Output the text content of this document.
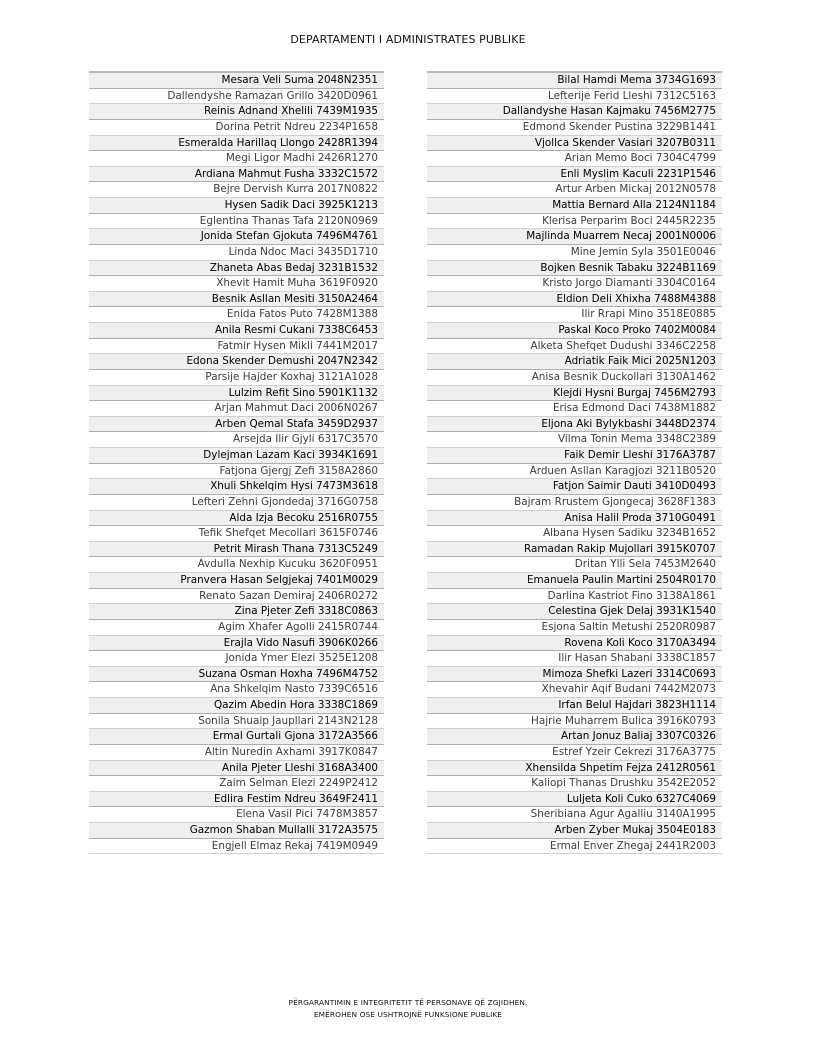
DEPARTAMENTI I ADMINISTRATES PUBLIKE
Mesara Veli Suma 2048N2351
Dallendyshe Ramazan Grillo 3420D0961
Reinis Adnand Xhelili 7439M1935
Dorina Petrit Ndreu 2234P1658
Esmeralda Harillaq Llongo 2428R1394
Megi Ligor Madhi 2426R1270
Ardiana Mahmut Fusha 3332C1572
Bejre Dervish Kurra 2017N0822
Hysen Sadik Daci 3925K1213
Eglentina Thanas Tafa 2120N0969
Jonida Stefan Gjokuta 7496M4761
Linda Ndoc Maci 3435D1710
Zhaneta Abas Bedaj 3231B1532
Xhevit Hamit Muha 3619F0920
Besnik Asllan Mesiti 3150A2464
Enida Fatos Puto 7428M1388
Anila Resmi Cukani 7338C6453
Fatmir Hysen Mikli 7441M2017
Edona Skender Demushi 2047N2342
Parsije Hajder Koxhaj 3121A1028
Lulzim Refit Sino 5901K1132
Arjan Mahmut Daci 2006N0267
Arben Qemal Stafa 3459D2937
Arsejda Ilir Gjyli 6317C3570
Dylejman Lazam Kaci 3934K1691
Fatjona Gjergj Zefi 3158A2860
Xhuli Shkelqim Hysi 7473M3618
Lefteri Zehni Gjondedaj 3716G0758
Alda Izja Becoku 2516R0755
Tefik Shefqet Mecollari 3615F0746
Petrit Mirash Thana 7313C5249
Avdulla Nexhip Kucuku 3620F0951
Pranvera Hasan Selgjekaj 7401M0029
Renato Sazan Demiraj 2406R0272
Zina Pjeter Zefi 3318C0863
Agim Xhafer Agolli 2415R0744
Erajla Vido Nasufi 3906K0266
Jonida Ymer Elezi 3525E1208
Suzana Osman Hoxha 7496M4752
Ana Shkelqim Nasto 7339C6516
Qazim Abedin Hora 3338C1869
Sonila Shuaip Jaupllari 2143N2128
Ermal Gurtali Gjona 3172A3566
Altin Nuredin Axhami 3917K0847
Anila Pjeter Lleshi 3168A3400
Zaim Selman Elezi 2249P2412
Edlira Festim Ndreu 3649F2411
Elena Vasil Pici 7478M3857
Gazmon Shaban Mullalli 3172A3575
Engjell Elmaz Rekaj 7419M0949
Bilal Hamdi Mema 3734G1693
Lefterije Ferid Lleshi 7312C5163
Dallandyshe Hasan Kajmaku 7456M2775
Edmond Skender Pustina 3229B1441
Vjollca Skender Vasiari 3207B0311
Arian Memo Boci 7304C4799
Enli Myslim Kaculi 2231P1546
Artur Arben Mickaj 2012N0578
Mattia Bernard Alla 2124N1184
Klerisa Perparim Boci 2445R2235
Majlinda Muarrem Necaj 2001N0006
Mine Jemin Syla 3501E0046
Bojken Besnik Tabaku 3224B1169
Kristo Jorgo Diamanti 3304C0164
Eldion Deli Xhixha 7488M4388
Ilir Rrapi Mino 3518E0885
Paskal Koco Proko 7402M0084
Alketa Shefqet Dudushi 3346C2258
Adriatik Faik Mici 2025N1203
Anisa Besnik Duckollari 3130A1462
Klejdi Hysni Burgaj 7456M2793
Erisa Edmond Daci 7438M1882
Eljona Aki Bylykbashi 3448D2374
Vilma Tonin Mema 3348C2389
Faik Demir Lleshi 3176A3787
Arduen Asllan Karagjozi 3211B0520
Fatjon Saimir Dauti 3410D0493
Bajram Rrustem Gjongecaj 3628F1383
Anisa Halil Proda 3710G0491
Albana Hysen Sadiku 3234B1652
Ramadan Rakip Mujollari 3915K0707
Dritan Ylli Sela 7453M2640
Emanuela Paulin Martini 2504R0170
Darlina Kastriot Fino 3138A1861
Celestina Gjek Delaj 3931K1540
Esjona Saltin Metushi 2520R0987
Rovena Koli Koco 3170A3494
Ilir Hasan Shabani 3338C1857
Mimoza Shefki Lazeri 3314C0693
Xhevahir Aqif Budani 7442M2073
Irfan Belul Hajdari 3823H1114
Hajrie Muharrem Bulica 3916K0793
Artan Jonuz Baliaj 3307C0326
Estref Yzeir Cekrezi 3176A3775
Xhensilda Shpetim Fejza 2412R0561
Kaliopi Thanas Drushku 3542E2052
Luljeta Koli Cuko 6327C4069
Sheribiana Agur Agalliu 3140A1995
Arben Zyber Mukaj 3504E0183
Ermal Enver Zhegaj 2441R2003
PËRGARANTIMIN E INTEGRITETIT TË PERSONAVE QË ZGJIDHEN,
EMËROHEN OSE USHTROJNË FUNKSIONE PUBLIKE
